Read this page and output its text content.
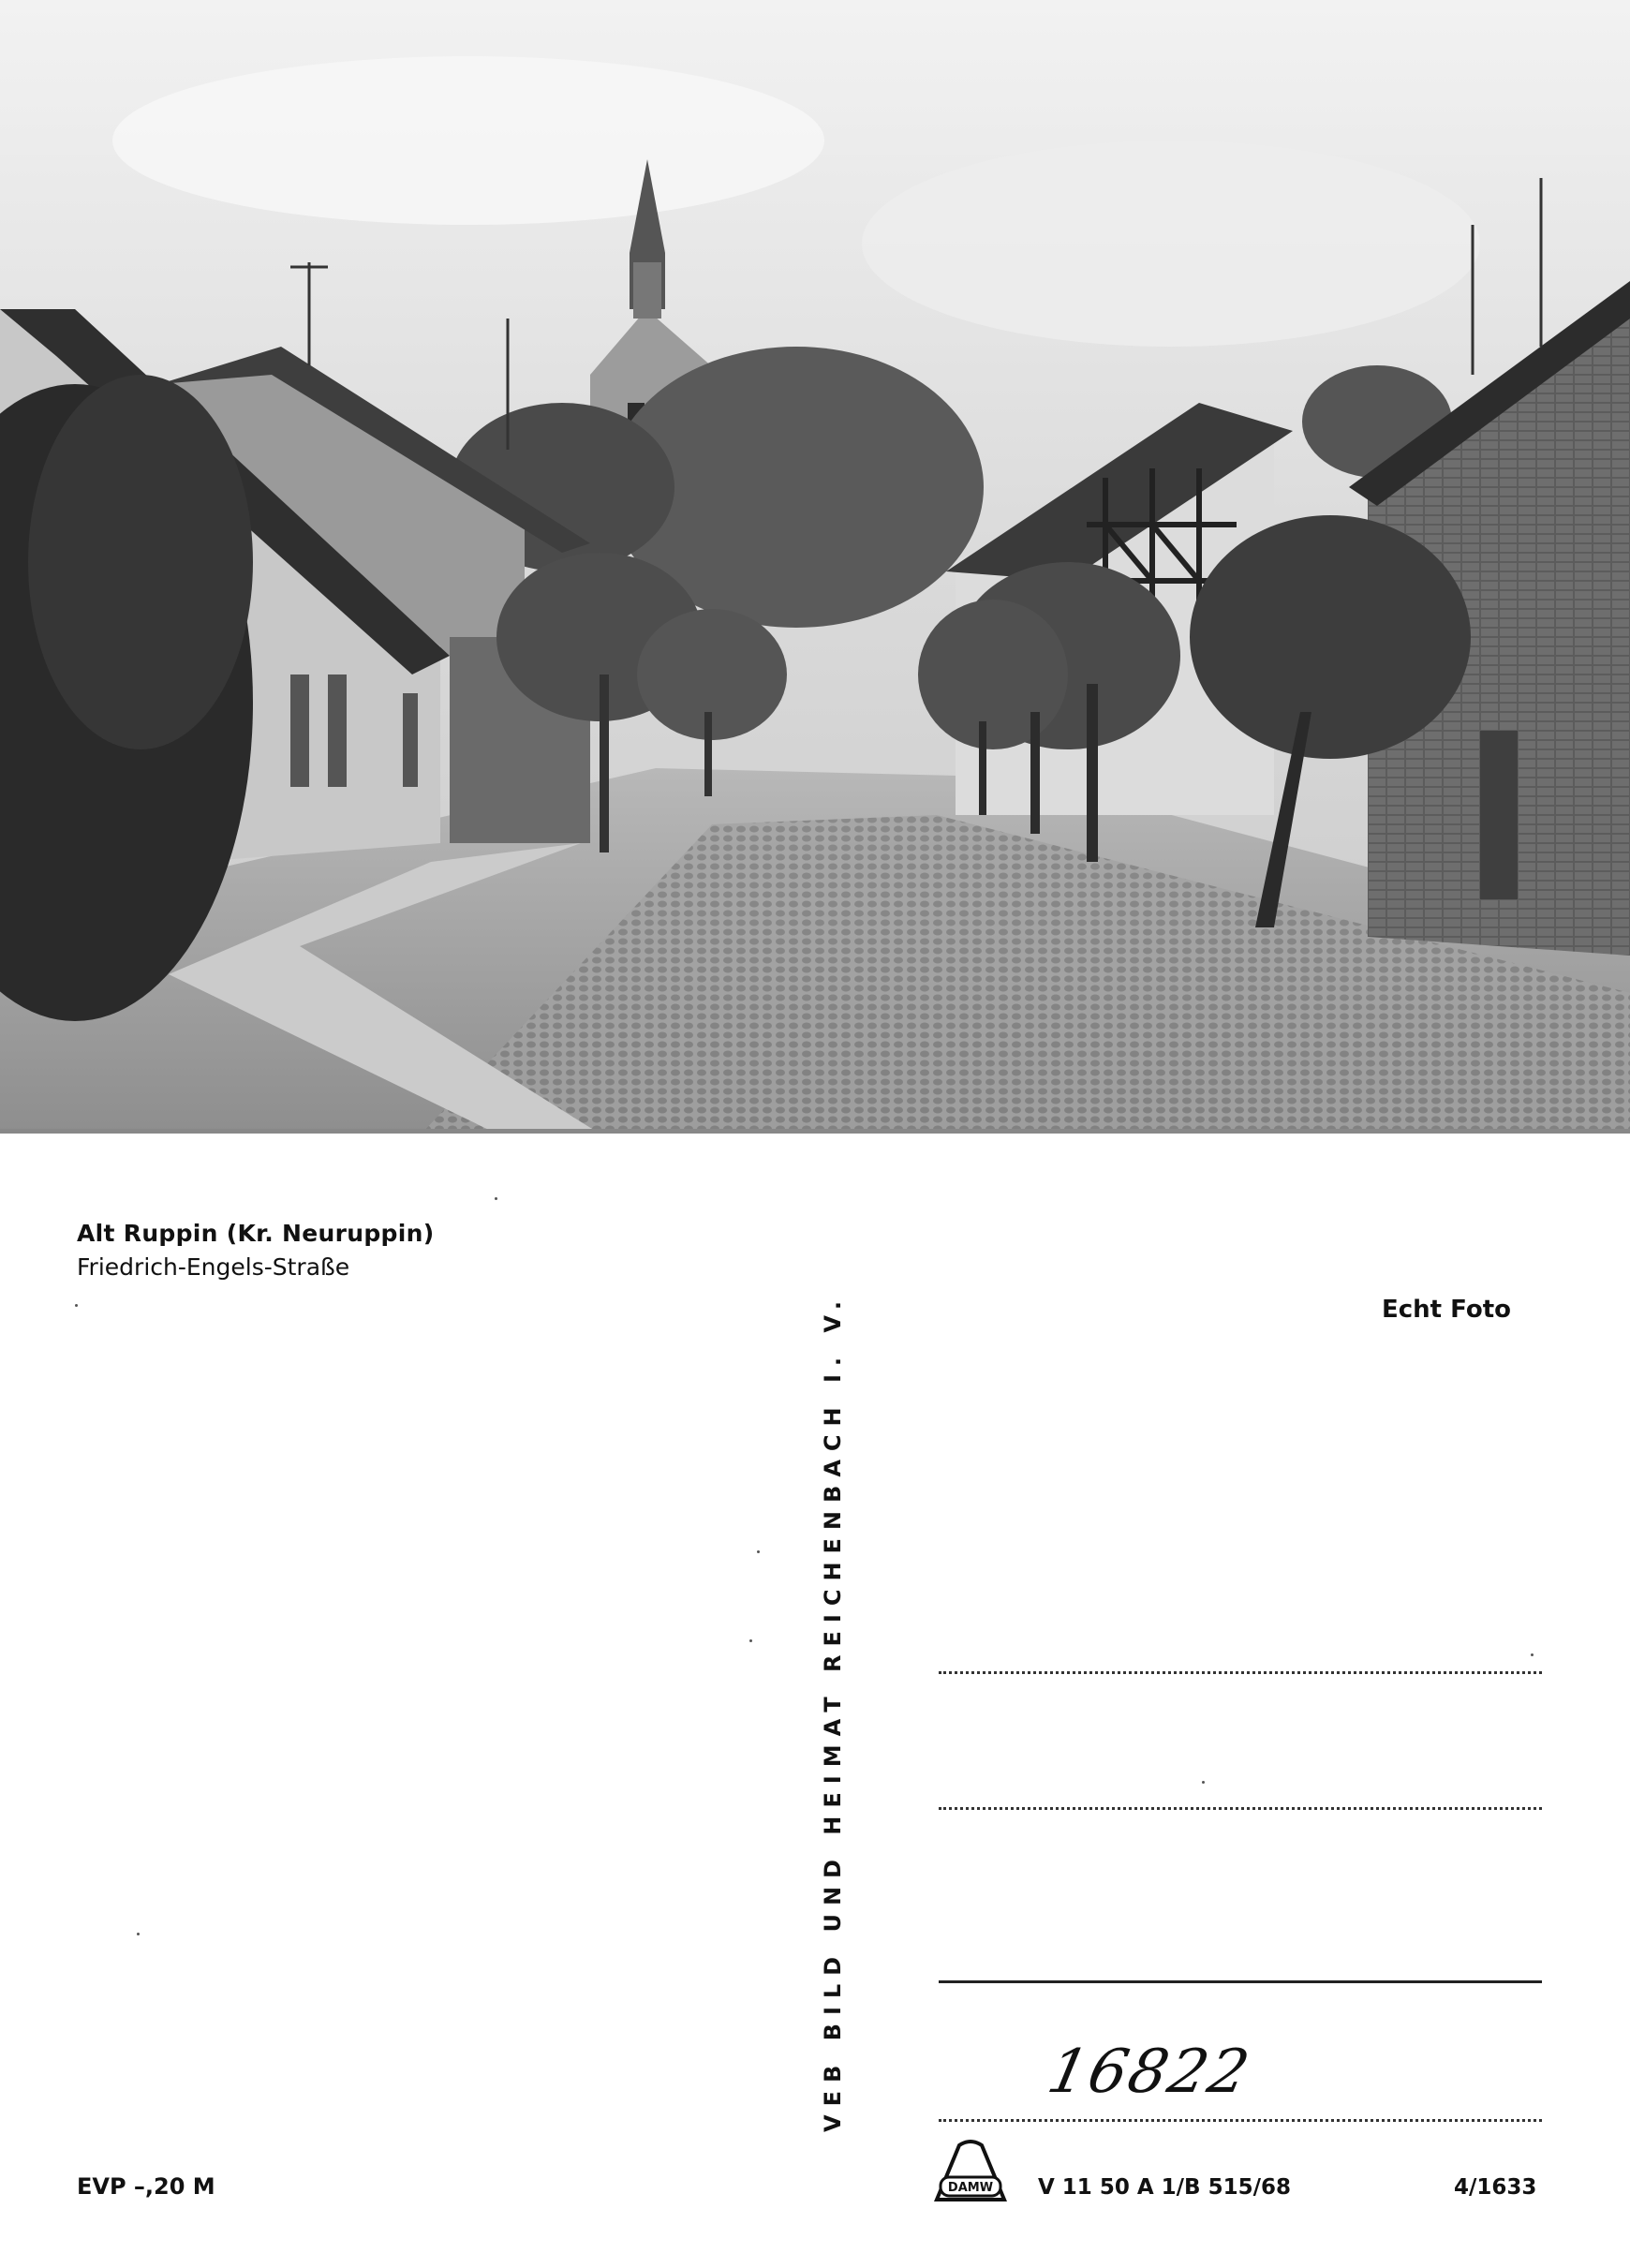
Alt Ruppin (Kr. Neuruppin)
Friedrich-Engels-Straße
Echt Foto
VEB BILD UND HEIMAT REICHENBACH I. V.	16822
EVP –,20 M	DAMW V 11 50 A 1/B 515/68	4/1633
